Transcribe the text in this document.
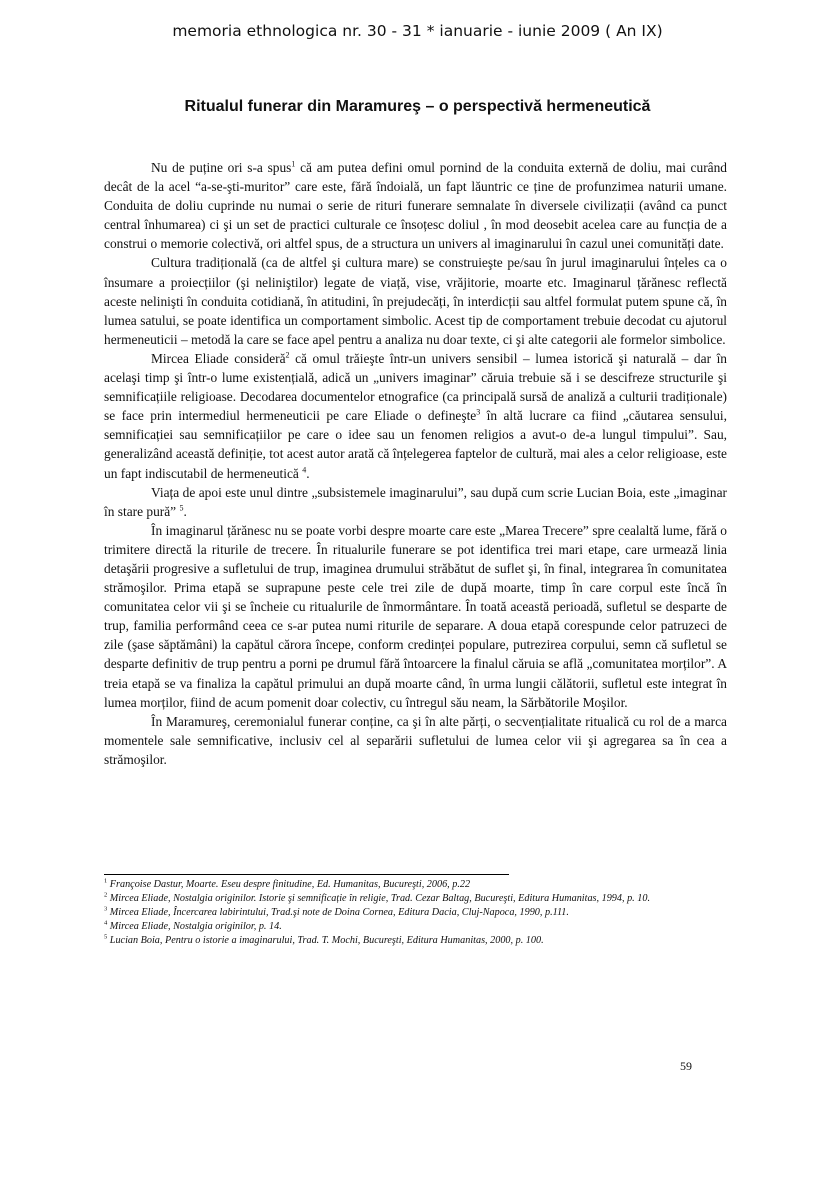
memoria ethnologica nr. 30 - 31 * ianuarie - iunie 2009 ( An IX)
Ritualul funerar din Maramureş – o perspectivă hermeneutică

Nu de puține ori s-a spus$^1$ că am putea defini omul pornind de la conduita externă de doliu, mai curând decât de la acel “a-se-şti-muritor” care este, fără îndoială, un fapt lăuntric ce ține de profunzimea naturii umane. Conduita de doliu cuprinde nu numai o serie de rituri funerare semnalate în diversele civilizații (având ca punct central înhumarea) ci şi un set de practici culturale ce însoțesc doliul , în mod deosebit acelea care au funcția de a construi o memorie colectivă, ori altfel spus, de a structura un univers al imaginarului în cazul unei comunități date.

Cultura tradițională (ca de altfel şi cultura mare) se construieşte pe/sau în jurul imaginarului înțeles ca o însumare a proiecțiilor (şi neliniştilor) legate de viață, vise, vrăjitorie, moarte etc. Imaginarul țărănesc reflectă aceste nelinişti în conduita cotidiană, în atitudini, în prejudecăți, în interdicții sau altfel formulat putem spune că, în lumea satului, se poate identifica un comportament simbolic. Acest tip de comportament trebuie decodat cu ajutorul hermeneuticii – metodă la care se face apel pentru a analiza nu doar texte, ci şi alte categorii ale formelor simbolice.

Mircea Eliade consideră$^2$ că omul trăieşte într-un univers sensibil – lumea istorică şi naturală – dar în acelaşi timp şi într-o lume existențială, adică un „univers imaginar” căruia trebuie să i se descifreze structurile şi semnificațiile religioase. Decodarea documentelor etnografice (ca principală sursă de analiză a culturii tradiționale) se face prin intermediul hermeneuticii pe care Eliade o defineşte$^3$ în altă lucrare ca fiind „căutarea sensului, semnificației sau semnificațiilor pe care o idee sau un fenomen religios a avut-o de-a lungul timpului”. Sau, generalizând această definiție, tot acest autor arată că înțelegerea faptelor de cultură, mai ales a celor religioase, este un fapt indiscutabil de hermeneutică $^4$.

Viața de apoi este unul dintre „subsistemele imaginarului”, sau după cum scrie Lucian Boia, este „imaginar în stare pură” $^5$.

În imaginarul țărănesc nu se poate vorbi despre moarte care este „Marea Trecere” spre cealaltă lume, fără o trimitere directă la riturile de trecere. În ritualurile funerare se pot identifica trei mari etape, care urmează linia detaşării progresive a sufletului de trup, imaginea drumului străbătut de suflet şi, în final, integrarea în comunitatea strămoşilor. Prima etapă se suprapune peste cele trei zile de după moarte, timp în care corpul este încă în comunitatea celor vii şi se încheie cu ritualurile de înmormântare. În toată această perioadă, sufletul se desparte de trup, familia performând ceea ce s-ar putea numi riturile de separare. A doua etapă corespunde celor patruzeci de zile (şase săptămâni) la capătul cărora începe, conform credinței populare, putrezirea corpului, semn că sufletul se desparte definitiv de trup pentru a porni pe drumul fără întoarcere la finalul căruia se află „comunitatea morților”. A treia etapă se va finaliza la capătul primului an după moarte când, în urma lungii călătorii, sufletul este integrat în lumea morților, fiind de acum pomenit doar colectiv, cu întregul său neam, la Sărbătorile Moşilor.

În Maramureş, ceremonialul funerar conține, ca şi în alte părți, o secvențialitate ritualică cu rol de a marca momentele sale semnificative, inclusiv cel al separării sufletului de lumea celor vii şi agregarea sa în cea a strămoşilor.

$^1$ Françoise Dastur, Moarte. Eseu despre finitudine, Ed. Humanitas, Bucureşti, 2006, p.22

$^2$ Mircea Eliade, Nostalgia originilor. Istorie şi semnificație în religie, Trad. Cezar Baltag, Bucureşti, Editura Humanitas, 1994, p. 10.

$^3$ Mircea Eliade, Încercarea labirintului, Trad.şi note de Doina Cornea, Editura Dacia, Cluj-Napoca, 1990, p.111.

$^4$ Mircea Eliade, Nostalgia originilor, p. 14.

$^5$ Lucian Boia, Pentru o istorie a imaginarului, Trad. T. Mochi, Bucureşti, Editura Humanitas, 2000, p. 100.

59
